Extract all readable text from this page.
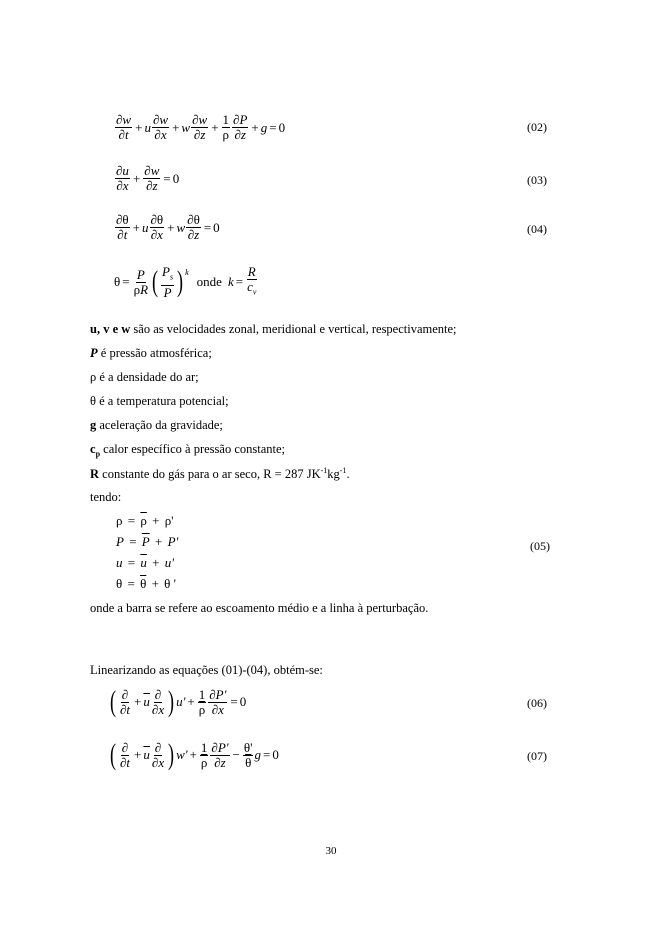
$\frac{\partial w}{\partial t} + u \frac{\partial w}{\partial x} + w \frac{\partial w}{\partial z} + \frac{1}{\rho} \frac{\partial P}{\partial z} + g = 0$	(02)
$\frac{\partial u}{\partial x} + \frac{\partial w}{\partial z} = 0$	(03)
$\frac{\partial\theta}{\partial t} + u \frac{\partial\theta}{\partial x} + w \frac{\partial\theta}{\partial z} = 0$	(04)
$\theta = \frac{P}{\rho R}$ ( $\frac{P_s}{P}$ ) $^k$
onde $k = \frac{R}{c_v}$
u, v e w são as velocidades zonal, meridional e vertical, respectivamente;
P é pressão atmosférica;
ρ é a densidade do ar;
θ é a temperatura potencial;
g aceleração da gravidade;
$c_p$ calor específico à pressão constante;
R constante do gás para o ar seco, R = 287 $JK^{-1}kg^{-1}$.
tendo:
$\rho = \overline{\rho} + \rho'$
$P = \overline{P} + P'$
$u = \overline{u} + u'$
$\theta = \overline{\theta} + \theta$ '
(05)
onde a barra se refere ao escoamento médio e a linha à perturbação.
Linearizando as equações (01)-(04), obtém-se:
( $\frac{\partial}{\partial t} + \overline{u} \frac{\partial}{\partial x}$ ) $u' + \frac{1}{\rho} \frac{\partial P'}{\partial x} = 0$	(06)
( $\frac{\partial}{\partial t} + \overline{u} \frac{\partial}{\partial x}$ ) $w' + \frac{1}{\rho} \frac{\partial P'}{\partial z} - \frac{\theta'}{\theta}$ g = 0	(07)
30
